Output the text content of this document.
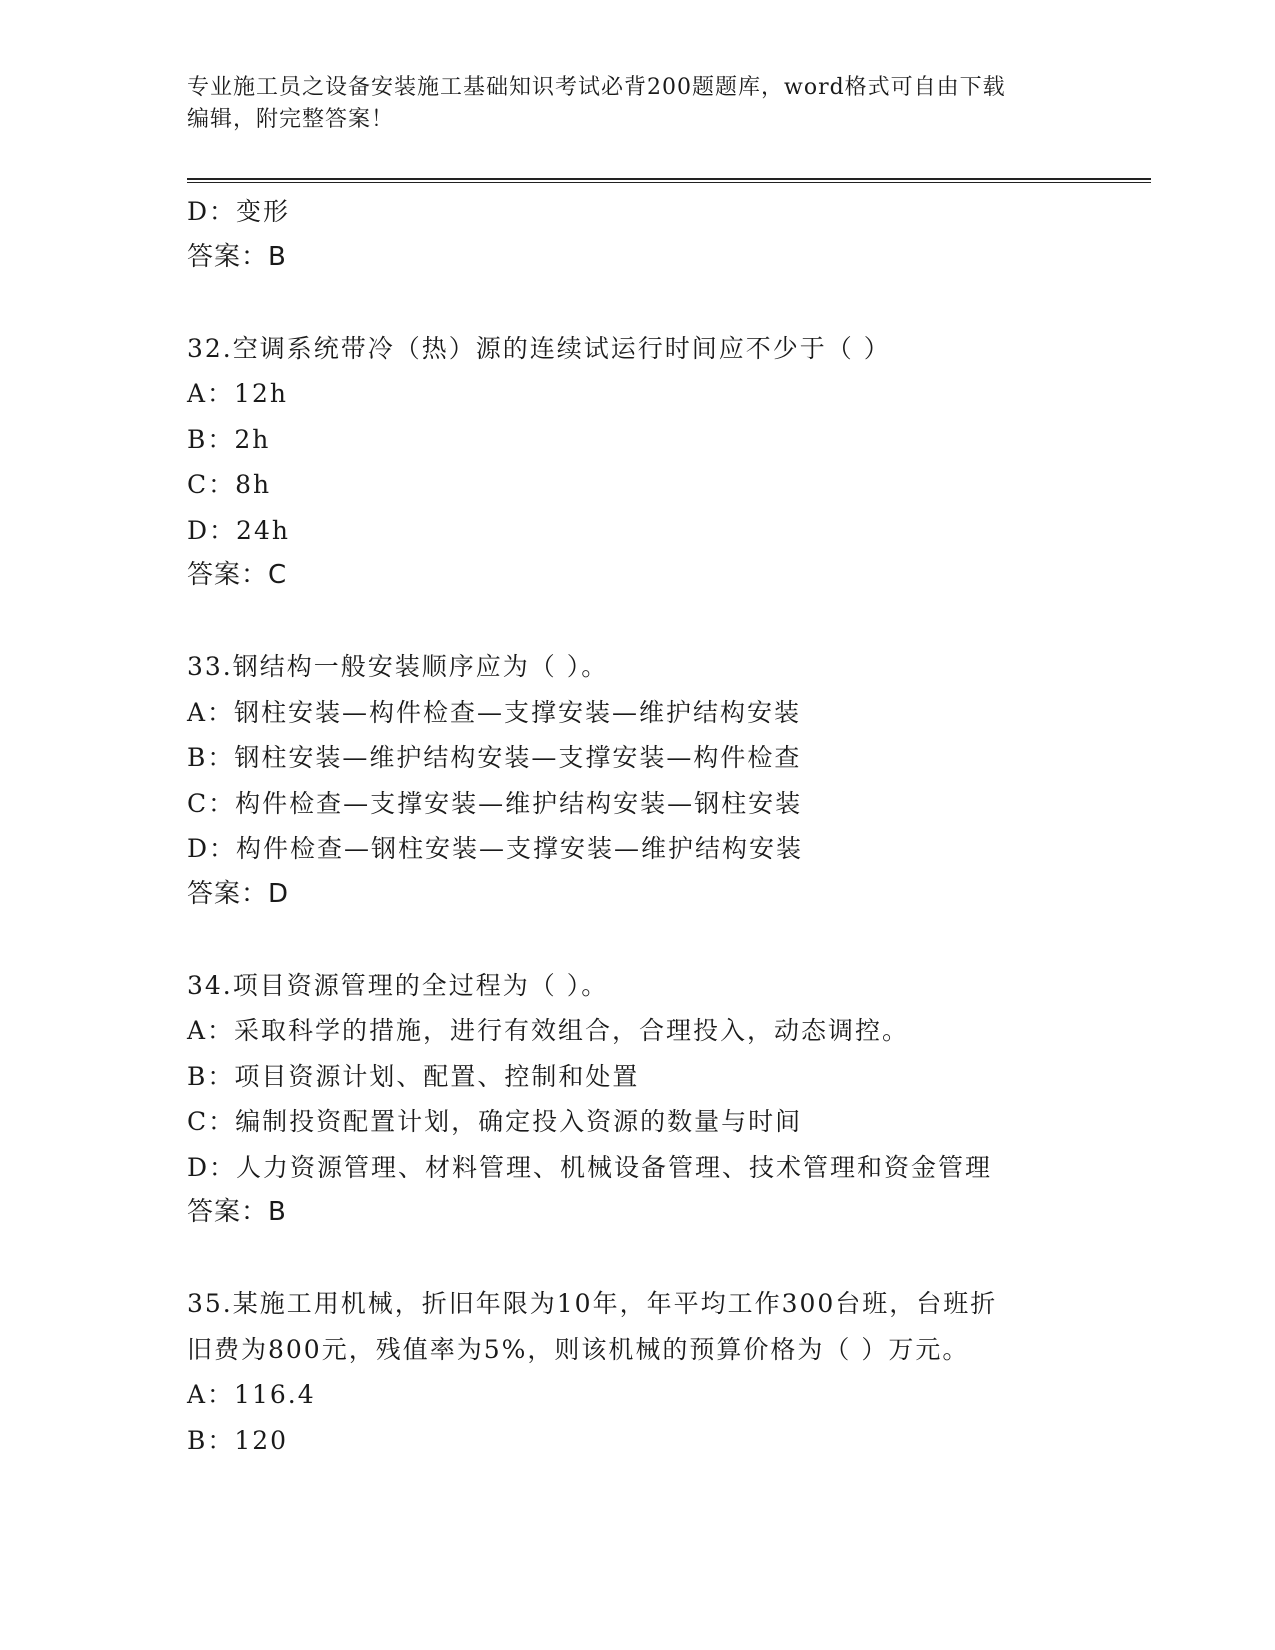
专业施工员之设备安装施工基础知识考试必背200题题库，word格式可自由下载
编辑，附完整答案！
D：变形
答案：B
32.空调系统带冷（热）源的连续试运行时间应不少于（ ）
A：12h
B：2h
C：8h
D：24h
答案：C
33.钢结构一般安装顺序应为（ ）。
A：钢柱安装—构件检查—支撑安装—维护结构安装
B：钢柱安装—维护结构安装—支撑安装—构件检查
C：构件检查—支撑安装—维护结构安装—钢柱安装
D：构件检查—钢柱安装—支撑安装—维护结构安装
答案：D
34.项目资源管理的全过程为（ ）。
A：采取科学的措施，进行有效组合，合理投入，动态调控。
B：项目资源计划、配置、控制和处置
C：编制投资配置计划，确定投入资源的数量与时间
D：人力资源管理、材料管理、机械设备管理、技术管理和资金管理
答案：B
35.某施工用机械，折旧年限为10年，年平均工作300台班，台班折
旧费为800元，残值率为5%，则该机械的预算价格为（ ）万元。
A：116.4
B：120
